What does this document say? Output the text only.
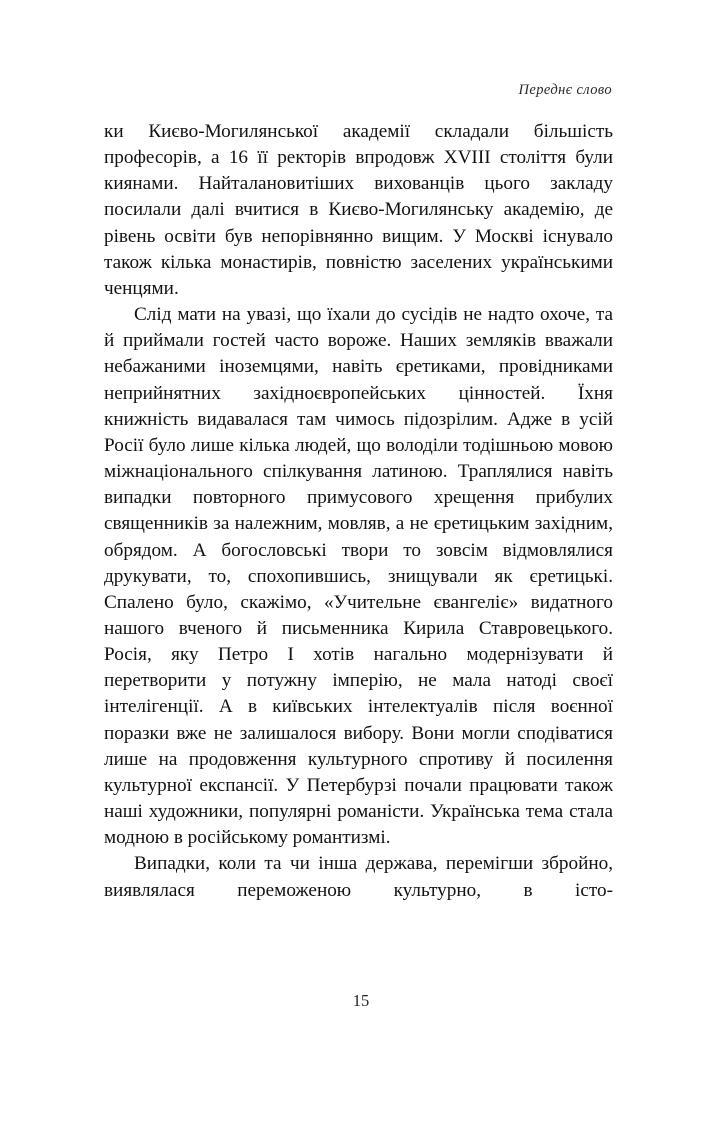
Переднє слово

ки Києво-Могилянської академії складали більшість професорів, а 16 її ректорів впродовж XVIII століття були киянами. Найталановитіших вихованців цього закладу посилали далі вчитися в Києво-Могилянську академію, де рівень освіти був непорівнянно вищим. У Москві існувало також кілька монастирів, повністю заселених українськими ченцями.

Слід мати на увазі, що їхали до сусідів не надто охоче, та й приймали гостей часто вороже. Наших земляків вважали небажаними іноземцями, навіть єретиками, провідниками неприйнятних західноєвропейських цінностей. Їхня книжність видавалася там чимось підозрілим. Адже в усій Росії було лише кілька людей, що володіли тодішньою мовою міжнаціонального спілкування латиною. Траплялися навіть випадки повторного примусового хрещення прибулих священників за належним, мовляв, а не єретицьким західним, обрядом. А богословські твори то зовсім відмовлялися друкувати, то, спохопившись, знищували як єретицькі. Спалено було, скажімо, «Учительне євангеліє» видатного нашого вченого й письменника Кирила Ставровецького. Росія, яку Петро I хотів нагально модернізувати й перетворити у потужну імперію, не мала натоді своєї інтелігенції. А в київських інтелектуалів після воєнної поразки вже не залишалося вибору. Вони могли сподіватися лише на продовження культурного спротиву й посилення культурної експансії. У Петербурзі почали працювати також наші художники, популярні романісти. Українська тема стала модною в російському романтизмі.

Випадки, коли та чи інша держава, перемігши збройно, виявлялася переможеною культурно, в істо-

15
